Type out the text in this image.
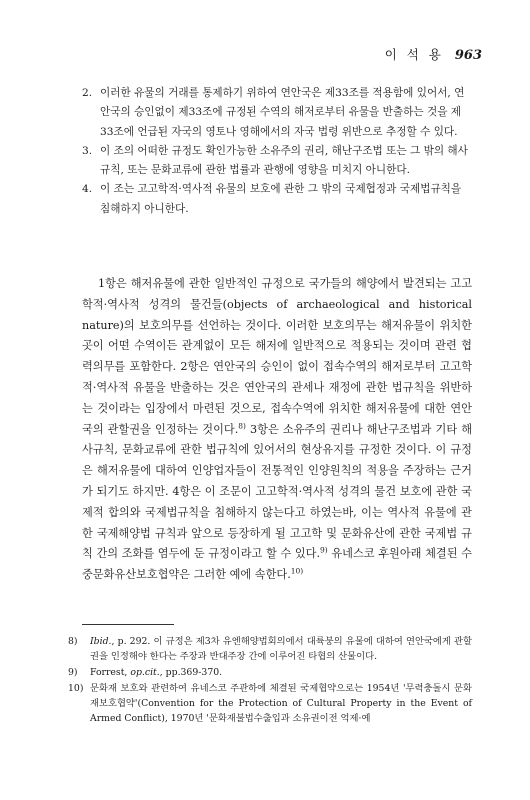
이 석 용 963
2. 이러한 유물의 거래를 통제하기 위하여 연안국은 제33조를 적용함에 있어서, 연안국의 승인없이 제33조에 규정된 수역의 해저로부터 유물을 반출하는 것을 제33조에 언급된 자국의 영토나 영해에서의 자국 법령 위반으로 추정할 수 있다.
3. 이 조의 어떠한 규정도 확인가능한 소유주의 권리, 해난구조법 또는 그 밖의 해사규칙, 또는 문화교류에 관한 법률과 관행에 영향을 미치지 아니한다.
4. 이 조는 고고학적·역사적 유물의 보호에 관한 그 밖의 국제협정과 국제법규칙을 침해하지 아니한다.

1항은 해저유물에 관한 일반적인 규정으로 국가들의 해양에서 발견되는 고고학적·역사적 성격의 물건들(objects of archaeological and historical nature)의 보호의무를 선언하는 것이다. 이러한 보호의무는 해저유물이 위치한 곳이 어떤 수역이든 관계없이 모든 해저에 일반적으로 적용되는 것이며 관련 협력의무를 포함한다. 2항은 연안국의 승인이 없이 접속수역의 해저로부터 고고학적·역사적 유물을 반출하는 것은 연안국의 관세나 재정에 관한 법규칙을 위반하는 것이라는 입장에서 마련된 것으로, 접속수역에 위치한 해저유물에 대한 연안국의 관할권을 인정하는 것이다.$^{8)}$ 3항은 소유주의 권리나 해난구조법과 기타 해사규칙, 문화교류에 관한 법규칙에 있어서의 현상유지를 규정한 것이다. 이 규정은 해저유물에 대하여 인양업자들이 전통적인 인양원칙의 적용을 주장하는 근거가 되기도 하지만. 4항은 이 조문이 고고학적·역사적 성격의 물건 보호에 관한 국제적 합의와 국제법규칙을 침해하지 않는다고 하였는바, 이는 역사적 유물에 관한 국제해양법 규칙과 앞으로 등장하게 될 고고학 및 문화유산에 관한 국제법 규칙 간의 조화를 염두에 둔 규정이라고 할 수 있다.$^{9)}$ 유네스코 후원아래 체결된 수중문화유산보호협약은 그러한 예에 속한다.$^{10)}$

8) Ibid., p. 292. 이 규정은 제3차 유엔해양법회의에서 대륙붕의 유물에 대하여 연안국에게 관할권을 인정해야 한다는 주장과 반대주장 간에 이루어진 타협의 산물이다.
9) Forrest, op.cit., pp.369-370.
10) 문화재 보호와 관련하여 유네스코 주관하에 체결된 국제협약으로는 1954년 '무력충돌시 문화재보호협약'(Convention for the Protection of Cultural Property in the Event of Armed Conflict), 1970년 '문화재불법수출입과 소유권이전 억제·예
